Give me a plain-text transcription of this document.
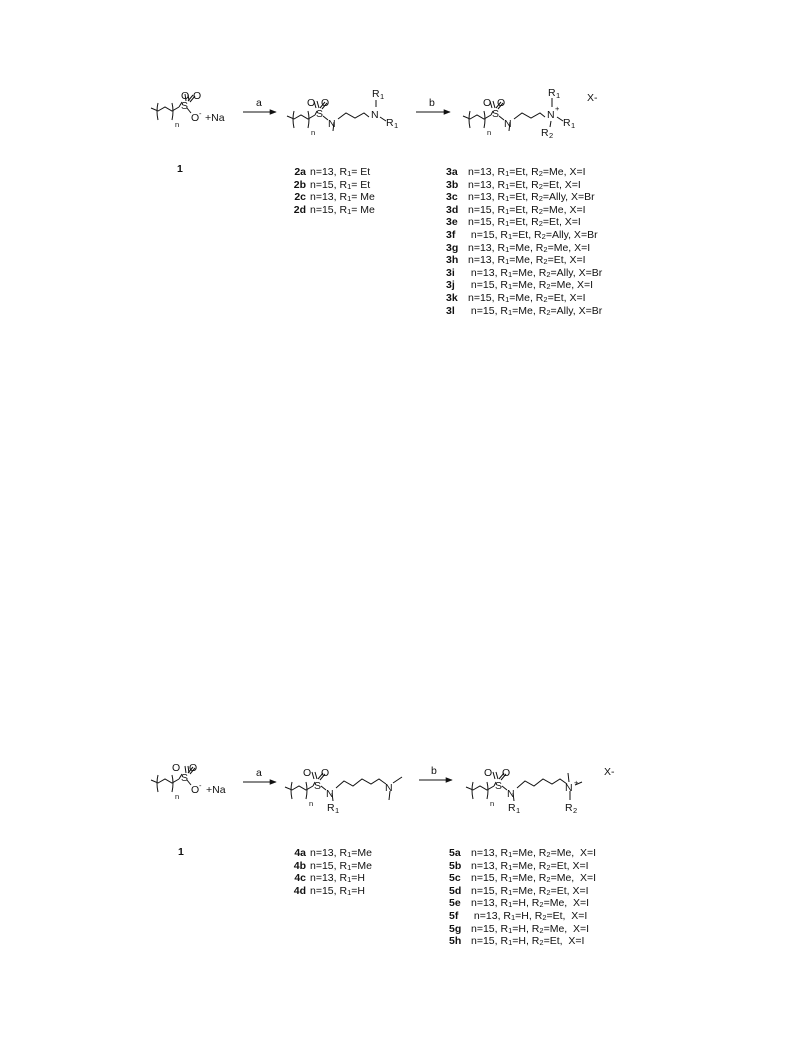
S
O O
O - +Na
n
a
S
O O
N
N
R 1
R 1
n
b
S
O O
N
N
+
R 1
R 1
R 2
X-
n
S
O O
O - +Na
n
a
S
O O
N	N
R 1
n
b
S
O O
N	N +
R 1	R 2
X-
n
1
1
2a n=13, $R_1= Et$
2b n=15, $R_1= Et$
2c n=13, $R_1= Me$
2d n=15, $R_1= Me$
3a n=13, $R_1=Et$, $R_2=Me$, X=I
3b n=13, $R_1=Et$, $R_2=Et$, X=I
3c n=13, $R_1=Et$, $R_2=Ally$, X=Br
3d n=15, $R_1=Et$, $R_2=Me$, X=I
3e n=15, $R_1=Et$, $R_2=Et$, X=I
3f n=15, $R_1=Et$, $R_2=Ally$, X=Br
3g n=13, $R_1=Me$, $R_2=Me$, X=I
3h n=13, $R_1=Me$, $R_2=Et$, X=I
3i n=13, $R_1=Me$, $R_2=Ally$, X=Br
3j n=15, $R_1=Me$, $R_2=Me$, X=I
3k n=15, $R_1=Me$, $R_2=Et$, X=I
3l n=15, $R_1=Me$, $R_2=Ally$, X=Br
4a n=13, $R_1=Me$
4b n=15, $R_1=Me$
4c n=13, $R_1=H$
4d n=15, $R_1=H$
5a n=13, $R_1=Me$, $R_2=Me$,  X=I
5b n=13, $R_1=Me$, $R_2=Et$, X=I
5c n=15, $R_1=Me$, $R_2=Me$,  X=I
5d n=15, $R_1=Me$, $R_2=Et$, X=I
5e n=13, $R_1=H$, $R_2=Me$,  X=I
5f n=13, $R_1=H$, $R_2=Et$,  X=I
5g n=15, $R_1=H$, $R_2=Me$,  X=I
5h n=15, $R_1=H$, $R_2=Et$,  X=I
